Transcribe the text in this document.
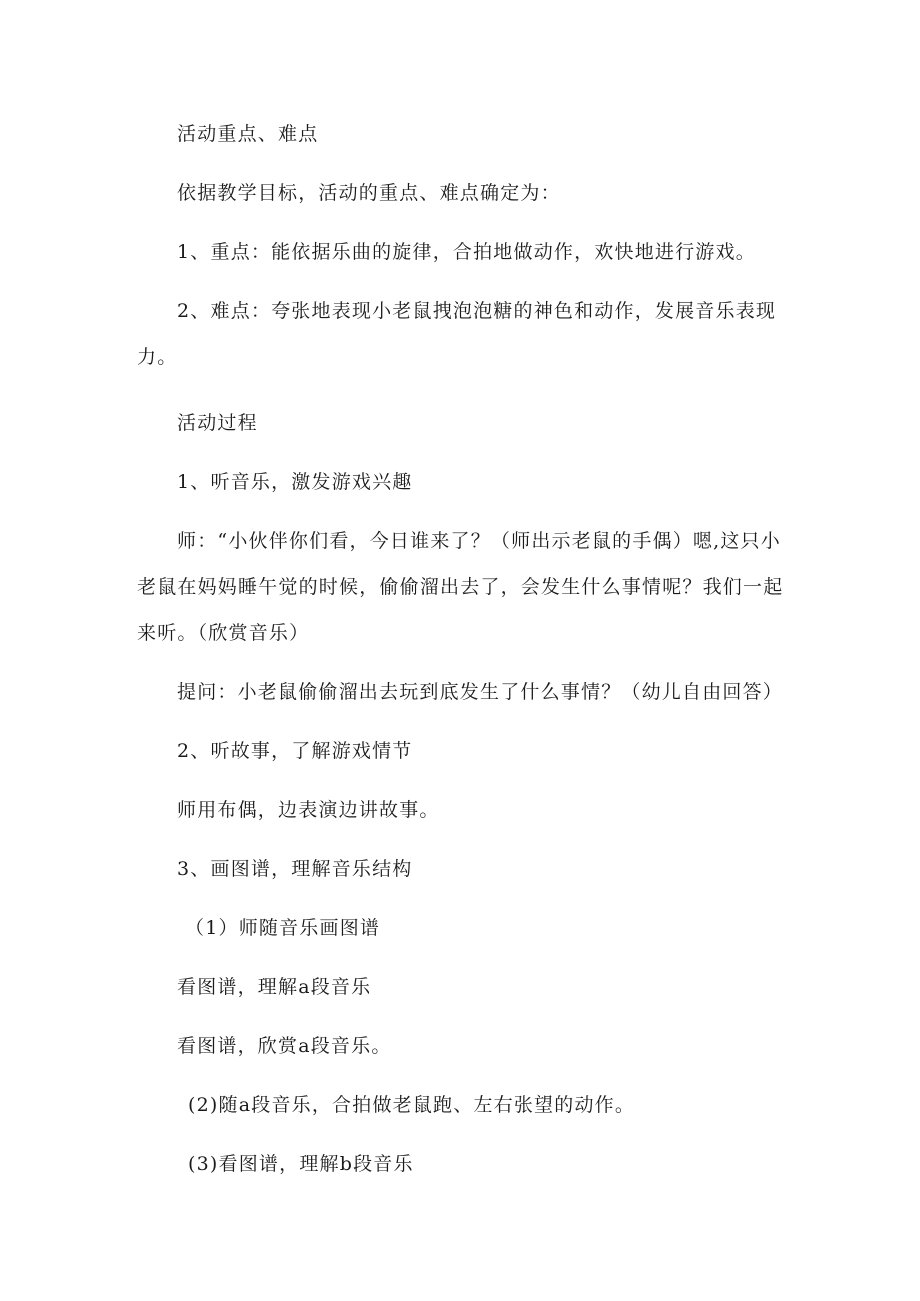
活动重点、难点

依据教学目标，活动的重点、难点确定为：

1、重点：能依据乐曲的旋律，合拍地做动作，欢快地进行游戏。

2、难点：夸张地表现小老鼠拽泡泡糖的神色和动作，发展音乐表现力。

活动过程

1、听音乐，激发游戏兴趣

师：“小伙伴你们看，今日谁来了？（师出示老鼠的手偶）嗯,这只小老鼠在妈妈睡午觉的时候，偷偷溜出去了，会发生什么事情呢？我们一起来听。（欣赏音乐）

提问：小老鼠偷偷溜出去玩到底发生了什么事情？（幼儿自由回答）

2、听故事，了解游戏情节

师用布偶，边表演边讲故事。

3、画图谱，理解音乐结构

（1）师随音乐画图谱

看图谱，理解a段音乐

看图谱，欣赏a段音乐。

(2)随a段音乐，合拍做老鼠跑、左右张望的动作。

(3)看图谱，理解b段音乐
